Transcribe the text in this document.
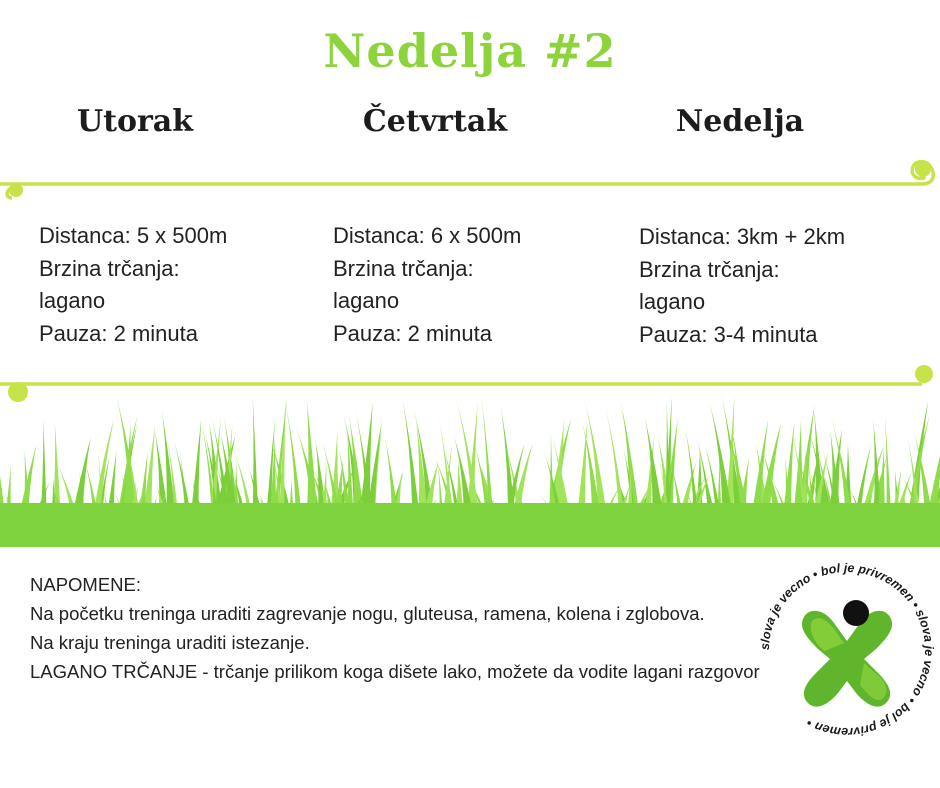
Nedelja #2
Utorak	Četvrtak	Nedelja
Distanca: 5 x 500m
Brzina trčanja:
lagano
Pauza: 2 minuta
Distanca: 6 x 500m
Brzina trčanja:
lagano
Pauza: 2 minuta
Distanca: 3km + 2km
Brzina trčanja:
lagano
Pauza: 3-4 minuta
NAPOMENE:
Na početku treninga uraditi zagrevanje nogu, gluteusa, ramena, kolena i zglobova.
Na kraju treninga uraditi istezanje.
LAGANO TRČANJE - trčanje prilikom koga dišete lako, možete da vodite lagani razgovor
slova je vecno • bol je privremen • slova je vecno • bol je privremen •
